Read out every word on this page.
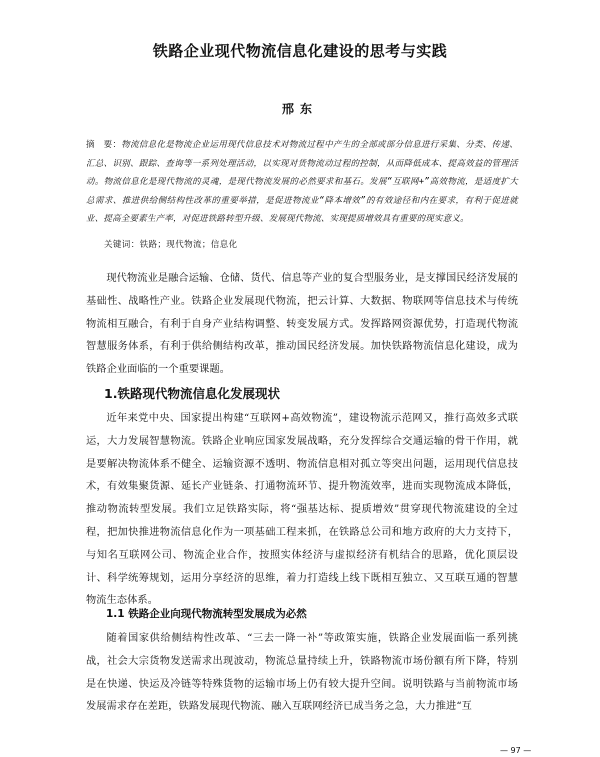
铁路企业现代物流信息化建设的思考与实践
邢东

摘　要：物流信息化是物流企业运用现代信息技术对物流过程中产生的全部或部分信息进行采集、分类、传递、汇总、识别、跟踪、查询等一系列处理活动，以实现对货物流动过程的控制，从而降低成本、提高效益的管理活动。物流信息化是现代物流的灵魂，是现代物流发展的必然要求和基石。发展“互联网+”高效物流，是适度扩大总需求、推进供给侧结构性改革的重要举措，是促进物流业“降本增效”的有效途径和内在要求，有利于促进就业、提高全要素生产率，对促进铁路转型升级、发展现代物流、实现提质增效具有重要的现实意义。

关键词：铁路；现代物流；信息化

现代物流业是融合运输、仓储、货代、信息等产业的复合型服务业，是支撑国民经济发展的基础性、战略性产业。铁路企业发展现代物流，把云计算、大数据、物联网等信息技术与传统物流相互融合，有利于自身产业结构调整、转变发展方式。发挥路网资源优势，打造现代物流智慧服务体系，有利于供给侧结构改革，推动国民经济发展。加快铁路物流信息化建设，成为铁路企业面临的一个重要课题。

1.铁路现代物流信息化发展现状

近年来党中央、国家提出构建“互联网+高效物流”，建设物流示范网又，推行高效多式联运，大力发展智慧物流。铁路企业响应国家发展战略，充分发挥综合交通运输的骨干作用，就是要解决物流体系不健全、运输资源不透明、物流信息相对孤立等突出问题，运用现代信息技术，有效集聚货源、延长产业链条、打通物流环节、提升物流效率，进而实现物流成本降低，推动物流转型发展。我们立足铁路实际，将“强基达标、提质增效”贯穿现代物流建设的全过程，把加快推进物流信息化作为一项基础工程来抓，在铁路总公司和地方政府的大力支持下，与知名互联网公司、物流企业合作，按照实体经济与虚拟经济有机结合的思路，优化顶层设计、科学统筹规划，运用分享经济的思维，着力打造线上线下既相互独立、又互联互通的智慧物流生态体系。

1.1 铁路企业向现代物流转型发展成为必然

随着国家供给侧结构性改革、“三去一降一补”等政策实施，铁路企业发展面临一系列挑战，社会大宗货物发送需求出现波动，物流总量持续上升，铁路物流市场份额有所下降，特别是在快递、快运及冷链等特殊货物的运输市场上仍有较大提升空间。说明铁路与当前物流市场发展需求存在差距，铁路发展现代物流、融入互联网经济已成当务之急，大力推进“互

— 97 —
